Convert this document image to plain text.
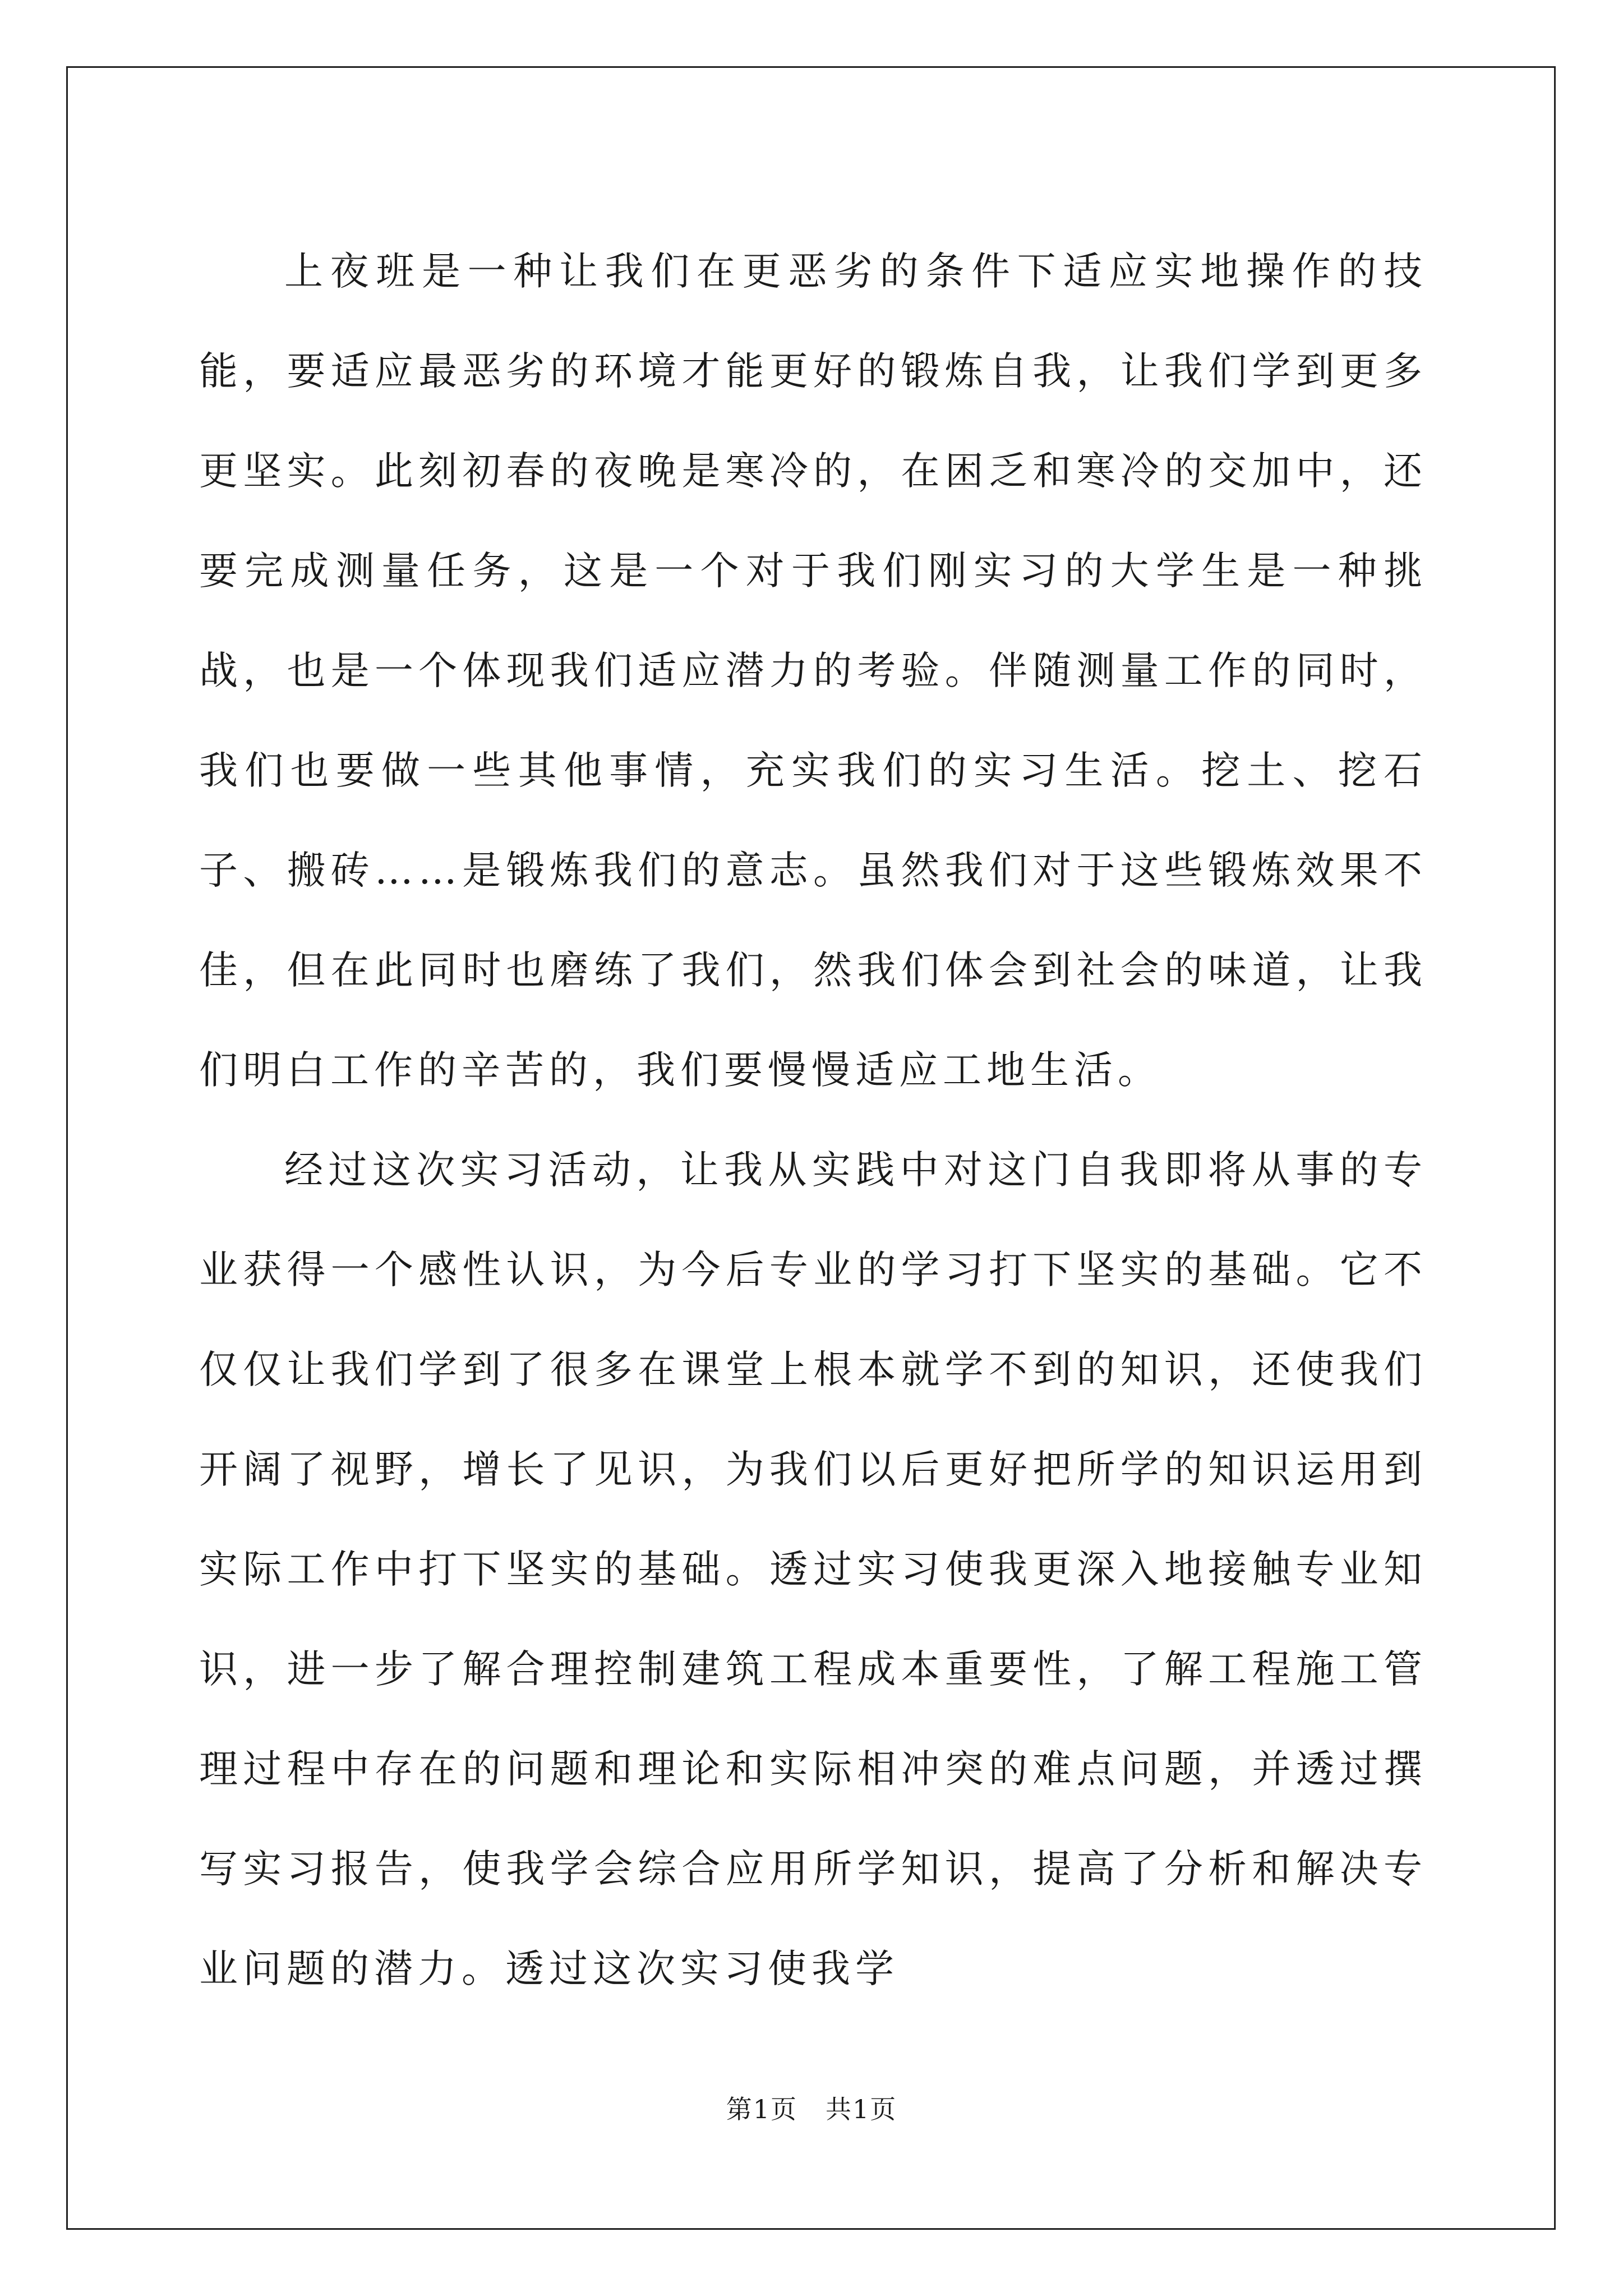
上夜班是一种让我们在更恶劣的条件下适应实地操作的技能，要适应最恶劣的环境才能更好的锻炼自我，让我们学到更多更坚实。此刻初春的夜晚是寒冷的，在困乏和寒冷的交加中，还要完成测量任务，这是一个对于我们刚实习的大学生是一种挑战，也是一个体现我们适应潜力的考验。伴随测量工作的同时，我们也要做一些其他事情，充实我们的实习生活。挖土、挖石子、搬砖……是锻炼我们的意志。虽然我们对于这些锻炼效果不佳，但在此同时也磨练了我们，然我们体会到社会的味道，让我们明白工作的辛苦的，我们要慢慢适应工地生活。

经过这次实习活动，让我从实践中对这门自我即将从事的专业获得一个感性认识，为今后专业的学习打下坚实的基础。它不仅仅让我们学到了很多在课堂上根本就学不到的知识，还使我们开阔了视野，增长了见识，为我们以后更好把所学的知识运用到实际工作中打下坚实的基础。透过实习使我更深入地接触专业知识，进一步了解合理控制建筑工程成本重要性，了解工程施工管理过程中存在的问题和理论和实际相冲突的难点问题，并透过撰写实习报告，使我学会综合应用所学知识，提高了分析和解决专业问题的潜力。透过这次实习使我学

第1页 共1页
